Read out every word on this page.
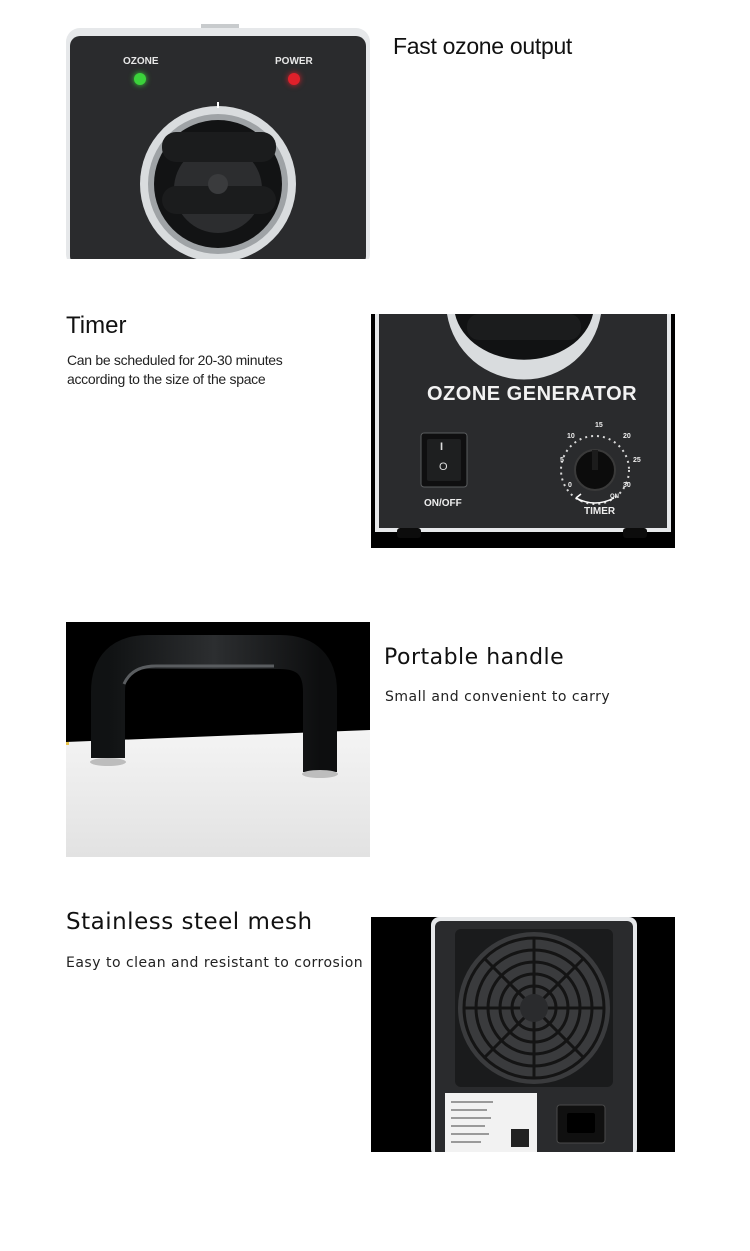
OZONE	POWER
Fast ozone output
Timer
Can be scheduled for 20-30 minutes
according to the size of the space
OZONE GENERATOR
I
O
ON/OFF
0
5
10
15
20
25
30
ON
TIMER
Portable handle
Small and convenient to carry
Stainless steel mesh
Easy to clean and resistant to corrosion
